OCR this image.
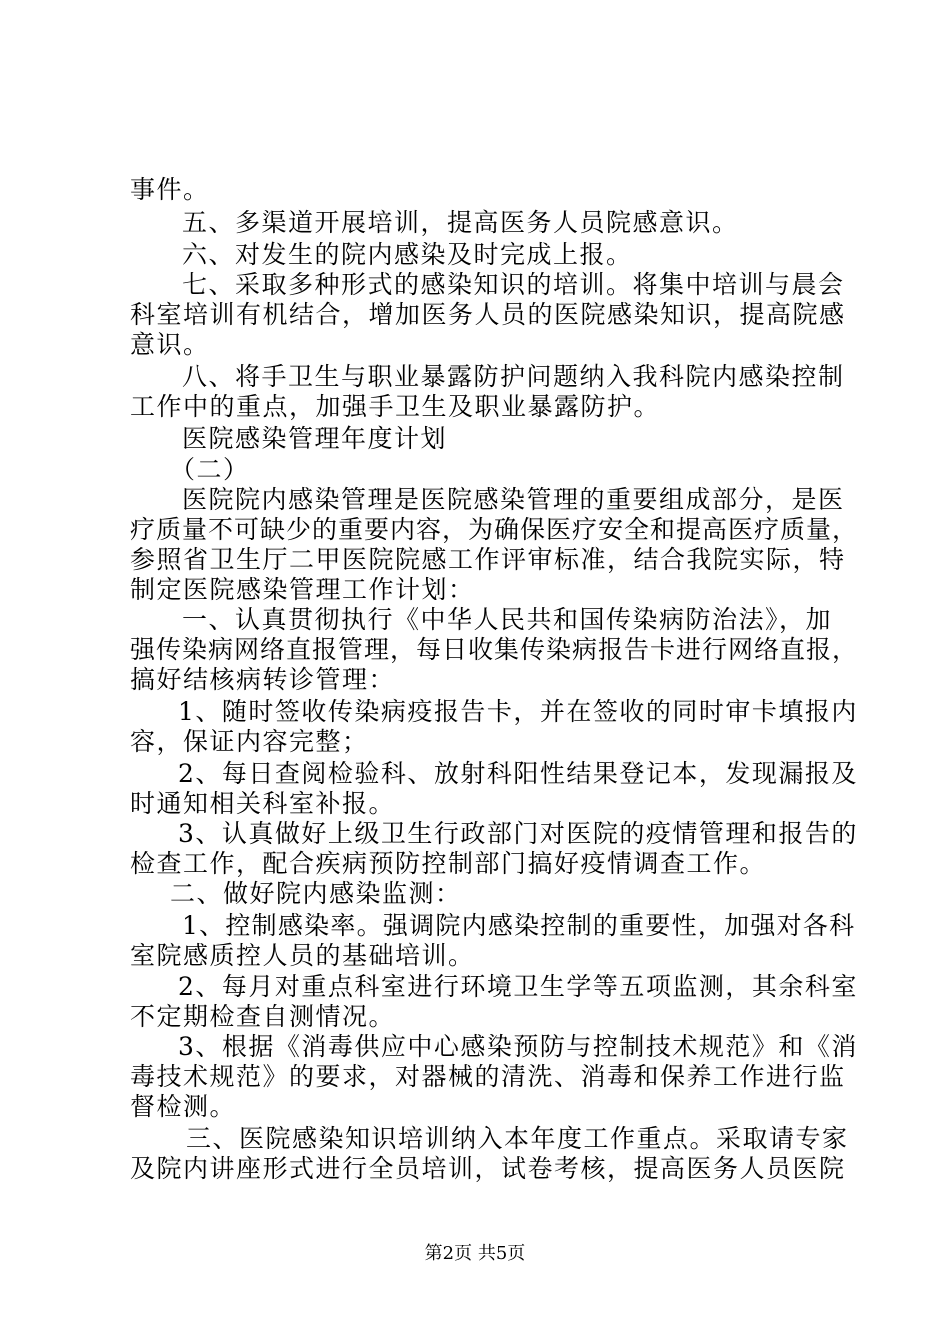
事件。
五、多渠道开展培训，提高医务人员院感意识。
六、对发生的院内感染及时完成上报。
七、采取多种形式的感染知识的培训。将集中培训与晨会
科室培训有机结合，增加医务人员的医院感染知识，提高院感
意识。
八、将手卫生与职业暴露防护问题纳入我科院内感染控制
工作中的重点，加强手卫生及职业暴露防护。
医院感染管理年度计划
（二）
医院院内感染管理是医院感染管理的重要组成部分，是医
疗质量不可缺少的重要内容，为确保医疗安全和提高医疗质量，
参照省卫生厅二甲医院院感工作评审标准，结合我院实际，特
制定医院感染管理工作计划：
一、认真贯彻执行《中华人民共和国传染病防治法》，加
强传染病网络直报管理，每日收集传染病报告卡进行网络直报，
搞好结核病转诊管理：
1、随时签收传染病疫报告卡，并在签收的同时审卡填报内
容，保证内容完整；
2、每日查阅检验科、放射科阳性结果登记本，发现漏报及
时通知相关科室补报。
3、认真做好上级卫生行政部门对医院的疫情管理和报告的
检查工作，配合疾病预防控制部门搞好疫情调查工作。
二、做好院内感染监测：
1、控制感染率。强调院内感染控制的重要性，加强对各科
室院感质控人员的基础培训。
2、每月对重点科室进行环境卫生学等五项监测，其余科室
不定期检查自测情况。
3、根据《消毒供应中心感染预防与控制技术规范》和《消
毒技术规范》的要求，对器械的清洗、消毒和保养工作进行监
督检测。
三、医院感染知识培训纳入本年度工作重点。采取请专家
及院内讲座形式进行全员培训，试卷考核，提高医务人员医院
第2页 共5页
